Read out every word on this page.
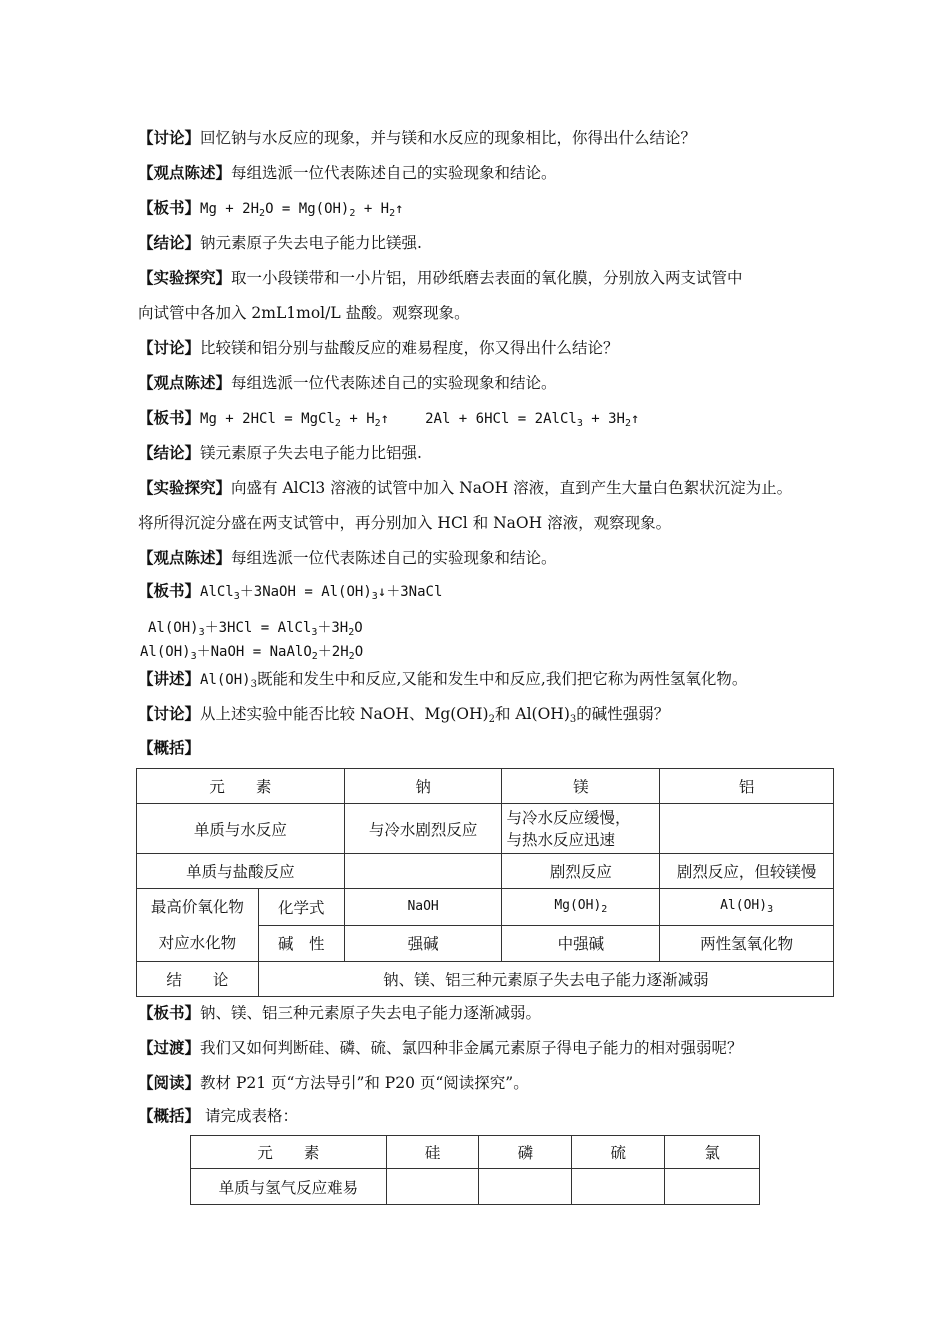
【讨论】回忆钠与水反应的现象，并与镁和水反应的现象相比，你得出什么结论？
【观点陈述】每组选派一位代表陈述自己的实验现象和结论。
【板书】$Mg + 2H_2O = Mg(OH)_2$ + $H_2↑$
【结论】钠元素原子失去电子能力比镁强.
【实验探究】取一小段镁带和一小片铝，用砂纸磨去表面的氧化膜，分别放入两支试管中
向试管中各加入 2mL1mol/L 盐酸。观察现象。
【讨论】比较镁和铝分别与盐酸反应的难易程度，你又得出什么结论？
【观点陈述】每组选派一位代表陈述自己的实验现象和结论。
【板书】Mg + 2HCl = MgCl$_2$ + $H_2↑$	2Al + 6HCl = 2AlCl$_3$ + $3H_2↑$
【结论】镁元素原子失去电子能力比铝强.
【实验探究】向盛有 AlCl3 溶液的试管中加入 NaOH 溶液，直到产生大量白色絮状沉淀为止。
将所得沉淀分盛在两支试管中，再分别加入 HCl 和 NaOH 溶液，观察现象。
【观点陈述】每组选派一位代表陈述自己的实验现象和结论。
【板书】AlCl$_3$＋3NaOH = $Al(OH)_3↓+3NaCl$
$Al(OH)_3+3HCl$ = $AlCl_3+3H_2O$
$Al(OH)_3+NaOH$ = $NaAlO_2+2H_2O$
【讲述】$Al(OH)_3$既能和发生中和反应,又能和发生中和反应,我们把它称为两性氢氧化物。
【讨论】从上述实验中能否比较 NaOH、$Mg(OH)_2$和 $Al(OH)_3$的碱性强弱？
【概括】
元　　素		钠	镁	铝
单质与水反应		与冷水剧烈反应	与冷水反应缓慢，
与热水反应迅速	

单质与盐酸反应			剧烈反应	剧烈反应，但较镁慢

最高价氧化物
对应水化物	化学式	NaOH	$Mg(OH)_2$	$Al(OH)_3$
	碱　性	强碱	中强碱	两性氢氧化物
结　　论	钠、镁、铝三种元素原子失去电子能力逐渐减弱			
【板书】钠、镁、铝三种元素原子失去电子能力逐渐减弱。
【过渡】我们又如何判断硅、磷、硫、氯四种非金属元素原子得电子能力的相对强弱呢？
【阅读】教材 P21 页“方法导引”和 P20 页“阅读探究”。
【概括】 请完成表格：
元　　素	硅	磷	硫	氯
单质与氢气反应难易				
